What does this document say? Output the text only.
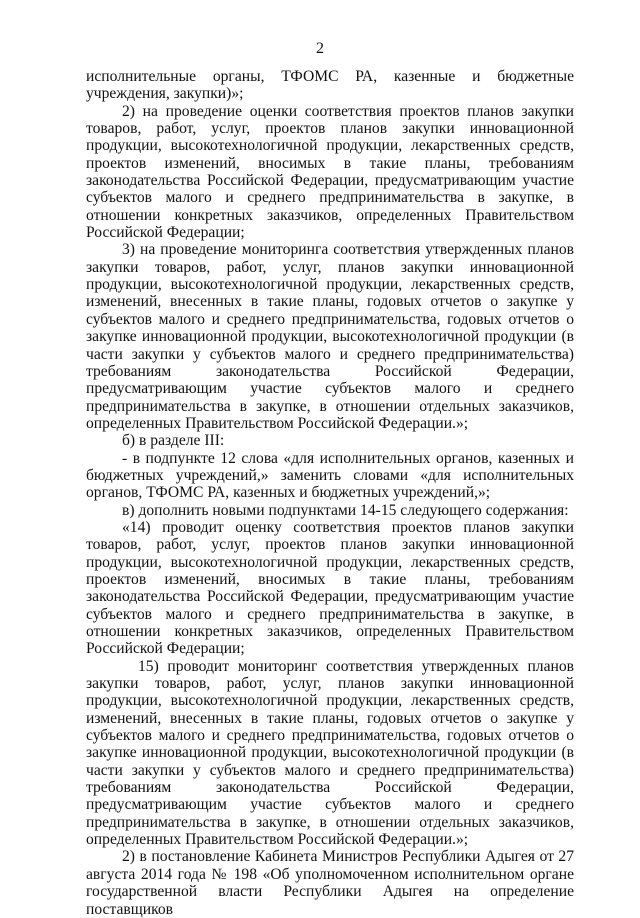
2

исполнительные органы, ТФОМС РА, казенные и бюджетные учреждения, закупки)»;

2) на проведение оценки соответствия проектов планов закупки товаров, работ, услуг, проектов планов закупки инновационной продукции, высокотехнологичной продукции, лекарственных средств, проектов изменений, вносимых в такие планы, требованиям законодательства Российской Федерации, предусматривающим участие субъектов малого и среднего предпринимательства в закупке, в отношении конкретных заказчиков, определенных Правительством Российской Федерации;

3) на проведение мониторинга соответствия утвержденных планов закупки товаров, работ, услуг, планов закупки инновационной продукции, высокотехнологичной продукции, лекарственных средств, изменений, внесенных в такие планы, годовых отчетов о закупке у субъектов малого и среднего предпринимательства, годовых отчетов о закупке инновационной продукции, высокотехнологичной продукции (в части закупки у субъектов малого и среднего предпринимательства) требованиям законодательства Российской Федерации, предусматривающим участие субъектов малого и среднего предпринимательства в закупке, в отношении отдельных заказчиков, определенных Правительством Российской Федерации.»;

б) в разделе III:

- в подпункте 12 слова «для исполнительных органов, казенных и бюджетных учреждений,» заменить словами «для исполнительных органов, ТФОМС РА, казенных и бюджетных учреждений,»;

в) дополнить новыми подпунктами 14-15 следующего содержания:

«14) проводит оценку соответствия проектов планов закупки товаров, работ, услуг, проектов планов закупки инновационной продукции, высокотехнологичной продукции, лекарственных средств, проектов изменений, вносимых в такие планы, требованиям законодательства Российской Федерации, предусматривающим участие субъектов малого и среднего предпринимательства в закупке, в отношении конкретных заказчиков, определенных Правительством Российской Федерации;

15) проводит мониторинг соответствия утвержденных планов закупки товаров, работ, услуг, планов закупки инновационной продукции, высокотехнологичной продукции, лекарственных средств, изменений, внесенных в такие планы, годовых отчетов о закупке у субъектов малого и среднего предпринимательства, годовых отчетов о закупке инновационной продукции, высокотехнологичной продукции (в части закупки у субъектов малого и среднего предпринимательства) требованиям законодательства Российской Федерации, предусматривающим участие субъектов малого и среднего предпринимательства в закупке, в отношении отдельных заказчиков, определенных Правительством Российской Федерации.»;

2) в постановление Кабинета Министров Республики Адыгея от 27 августа 2014 года № 198 «Об уполномоченном исполнительном органе государственной власти Республики Адыгея на определение поставщиков
